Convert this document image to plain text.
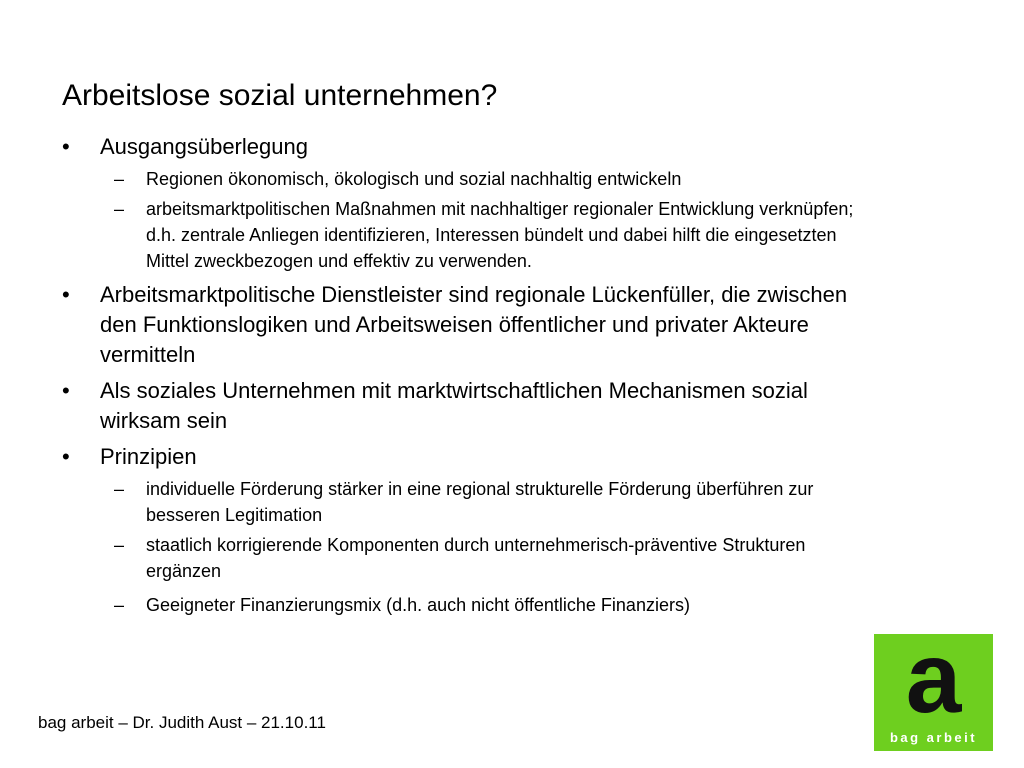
Arbeitslose sozial unternehmen?
• Ausgangsüberlegung
– Regionen ökonomisch, ökologisch und sozial nachhaltig entwickeln
– arbeitsmarktpolitischen Maßnahmen mit nachhaltiger regionaler Entwicklung verknüpfen; d.h. zentrale Anliegen identifizieren, Interessen bündelt und dabei hilft die eingesetzten Mittel zweckbezogen und effektiv zu verwenden.
• Arbeitsmarktpolitische Dienstleister sind regionale Lückenfüller, die zwischen den Funktionslogiken und Arbeitsweisen öffentlicher und privater Akteure vermitteln
• Als soziales Unternehmen mit marktwirtschaftlichen Mechanismen sozial wirksam sein
• Prinzipien
– individuelle Förderung stärker in eine regional strukturelle Förderung überführen zur besseren Legitimation
– staatlich korrigierende Komponenten durch unternehmerisch-präventive Strukturen ergänzen
– Geeigneter Finanzierungsmix (d.h. auch nicht öffentliche Finanziers)
bag arbeit – Dr. Judith Aust – 21.10.11	a
bag arbeit
